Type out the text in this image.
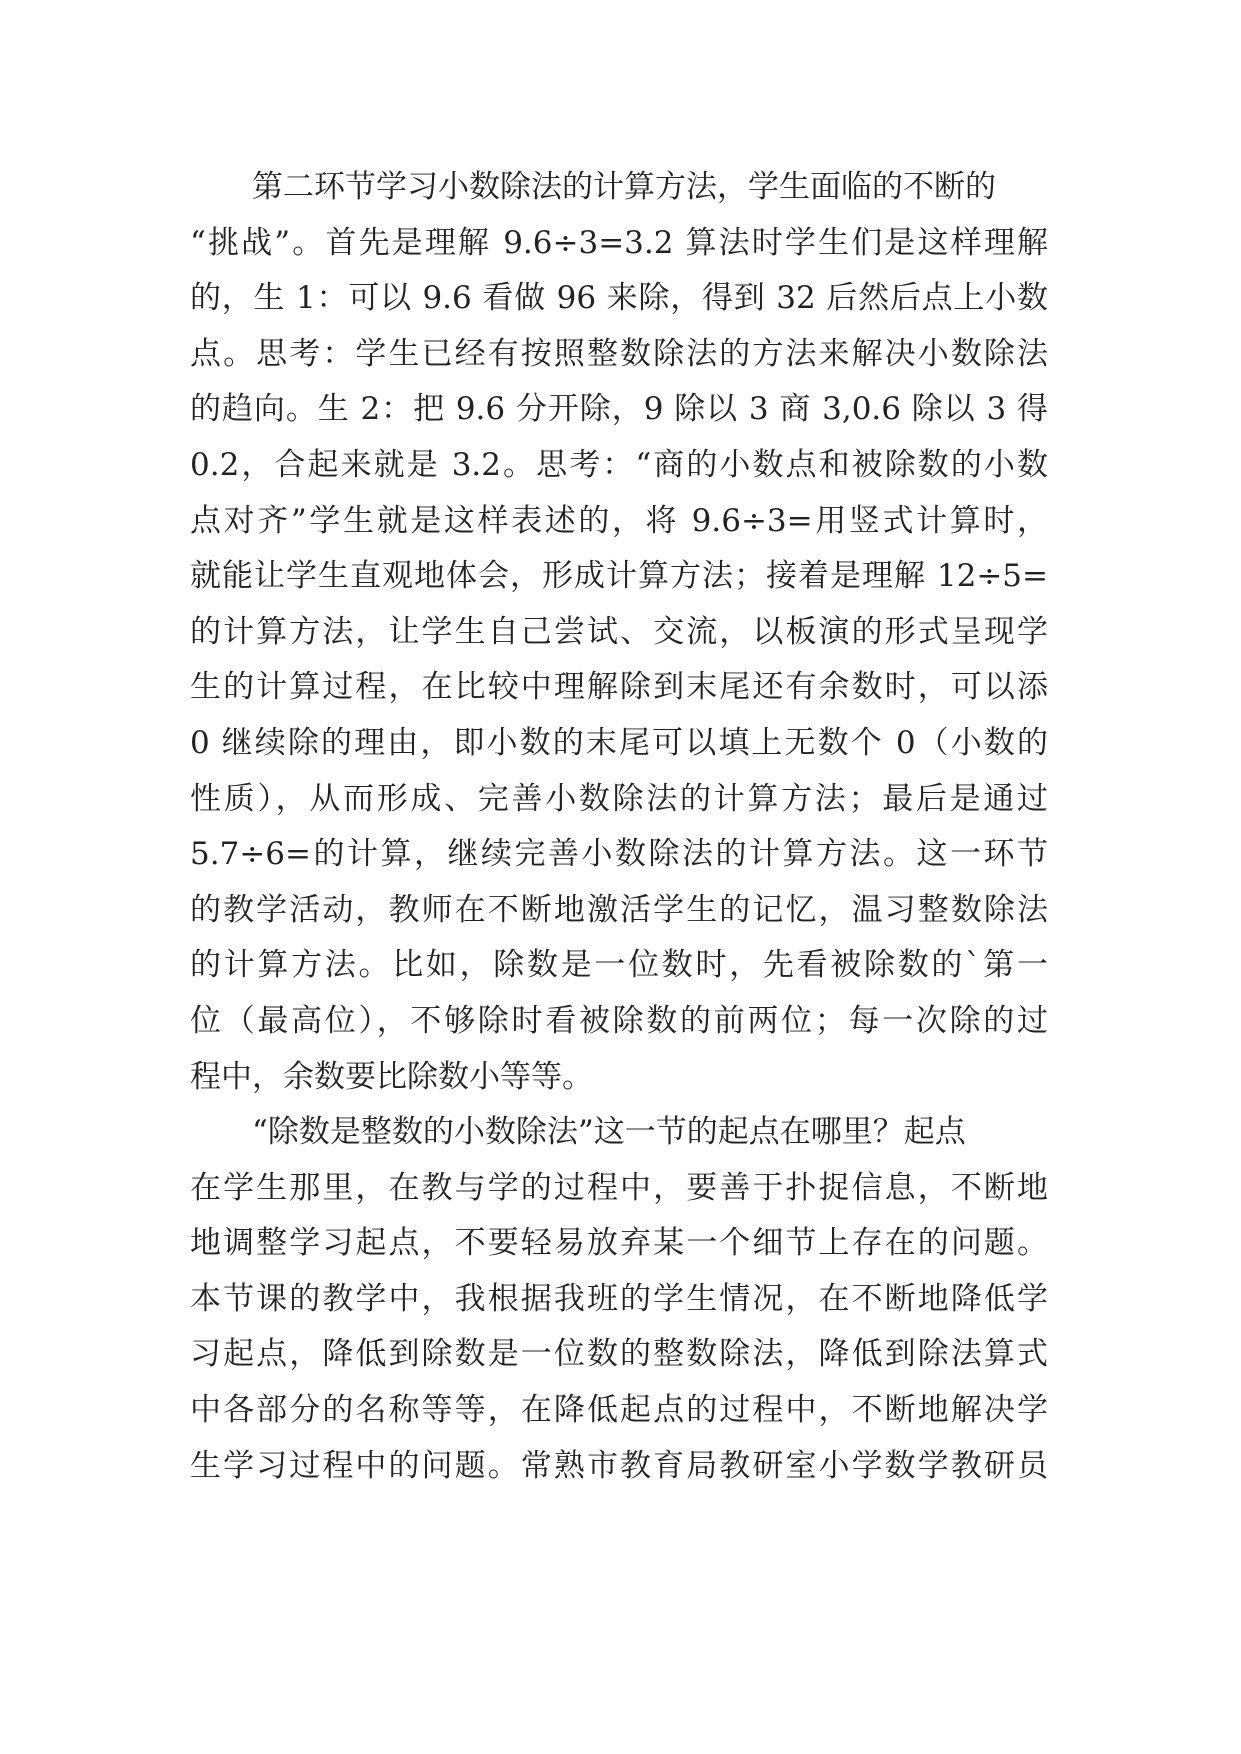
　　第二环节学习小数除法的计算方法，学生面临的不断的
“挑战”。首先是理解 9.6÷3=3.2 算法时学生们是这样理解
的，生 1：可以 9.6 看做 96 来除，得到 32 后然后点上小数
点。思考：学生已经有按照整数除法的方法来解决小数除法
的趋向。生 2：把 9.6 分开除，9 除以 3 商 3,0.6 除以 3 得
0.2，合起来就是 3.2。思考：“商的小数点和被除数的小数
点对齐”学生就是这样表述的，将 9.6÷3=用竖式计算时，
就能让学生直观地体会，形成计算方法；接着是理解 12÷5=
的计算方法，让学生自己尝试、交流，以板演的形式呈现学
生的计算过程，在比较中理解除到末尾还有余数时，可以添
0 继续除的理由，即小数的末尾可以填上无数个 0（小数的
性质），从而形成、完善小数除法的计算方法；最后是通过
5.7÷6=的计算，继续完善小数除法的计算方法。这一环节
的教学活动，教师在不断地激活学生的记忆，温习整数除法
的计算方法。比如，除数是一位数时，先看被除数的`第一
位（最高位），不够除时看被除数的前两位；每一次除的过
程中，余数要比除数小等等。
　　“除数是整数的小数除法”这一节的起点在哪里？起点
在学生那里，在教与学的过程中，要善于扑捉信息，不断地
地调整学习起点，不要轻易放弃某一个细节上存在的问题。
本节课的教学中，我根据我班的学生情况，在不断地降低学
习起点，降低到除数是一位数的整数除法，降低到除法算式
中各部分的名称等等，在降低起点的过程中，不断地解决学
生学习过程中的问题。常熟市教育局教研室小学数学教研员
